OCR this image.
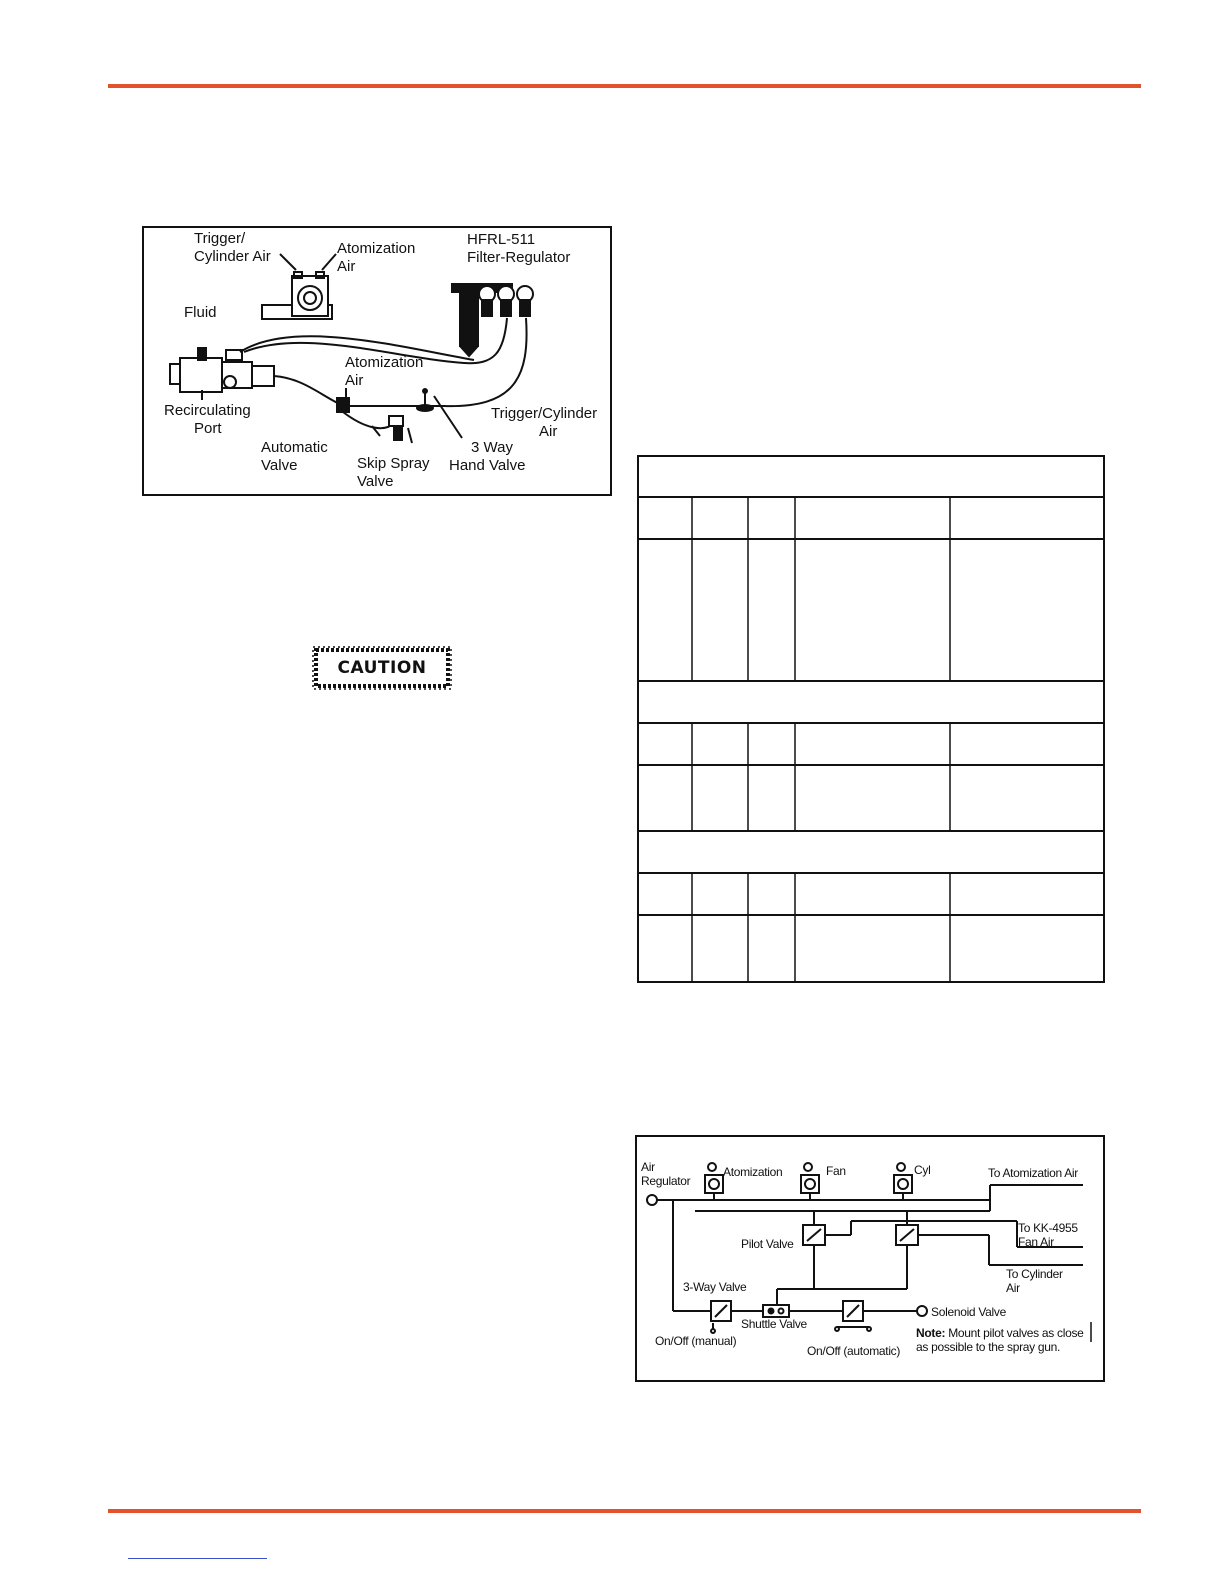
Trigger/
Cylinder Air	Atomization
Air
HFRL-511
Filter-Regulator
Fluid
Atomization
Air
Recirculating
Port
Trigger/Cylinder
Air
Automatic
Valve	Skip Spray
Valve
3 Way
Hand Valve
CAUTION
Air
Regulator
Atomization	Fan	Cyl	To Atomization Air
To KK-4955
Fan Air
Pilot Valve
To Cylinder
Air
3-Way Valve
Solenoid Valve
Shuttle Valve
On/Off (manual)
On/Off (automatic)
Note: Mount pilot valves as close
as possible to the spray gun.
